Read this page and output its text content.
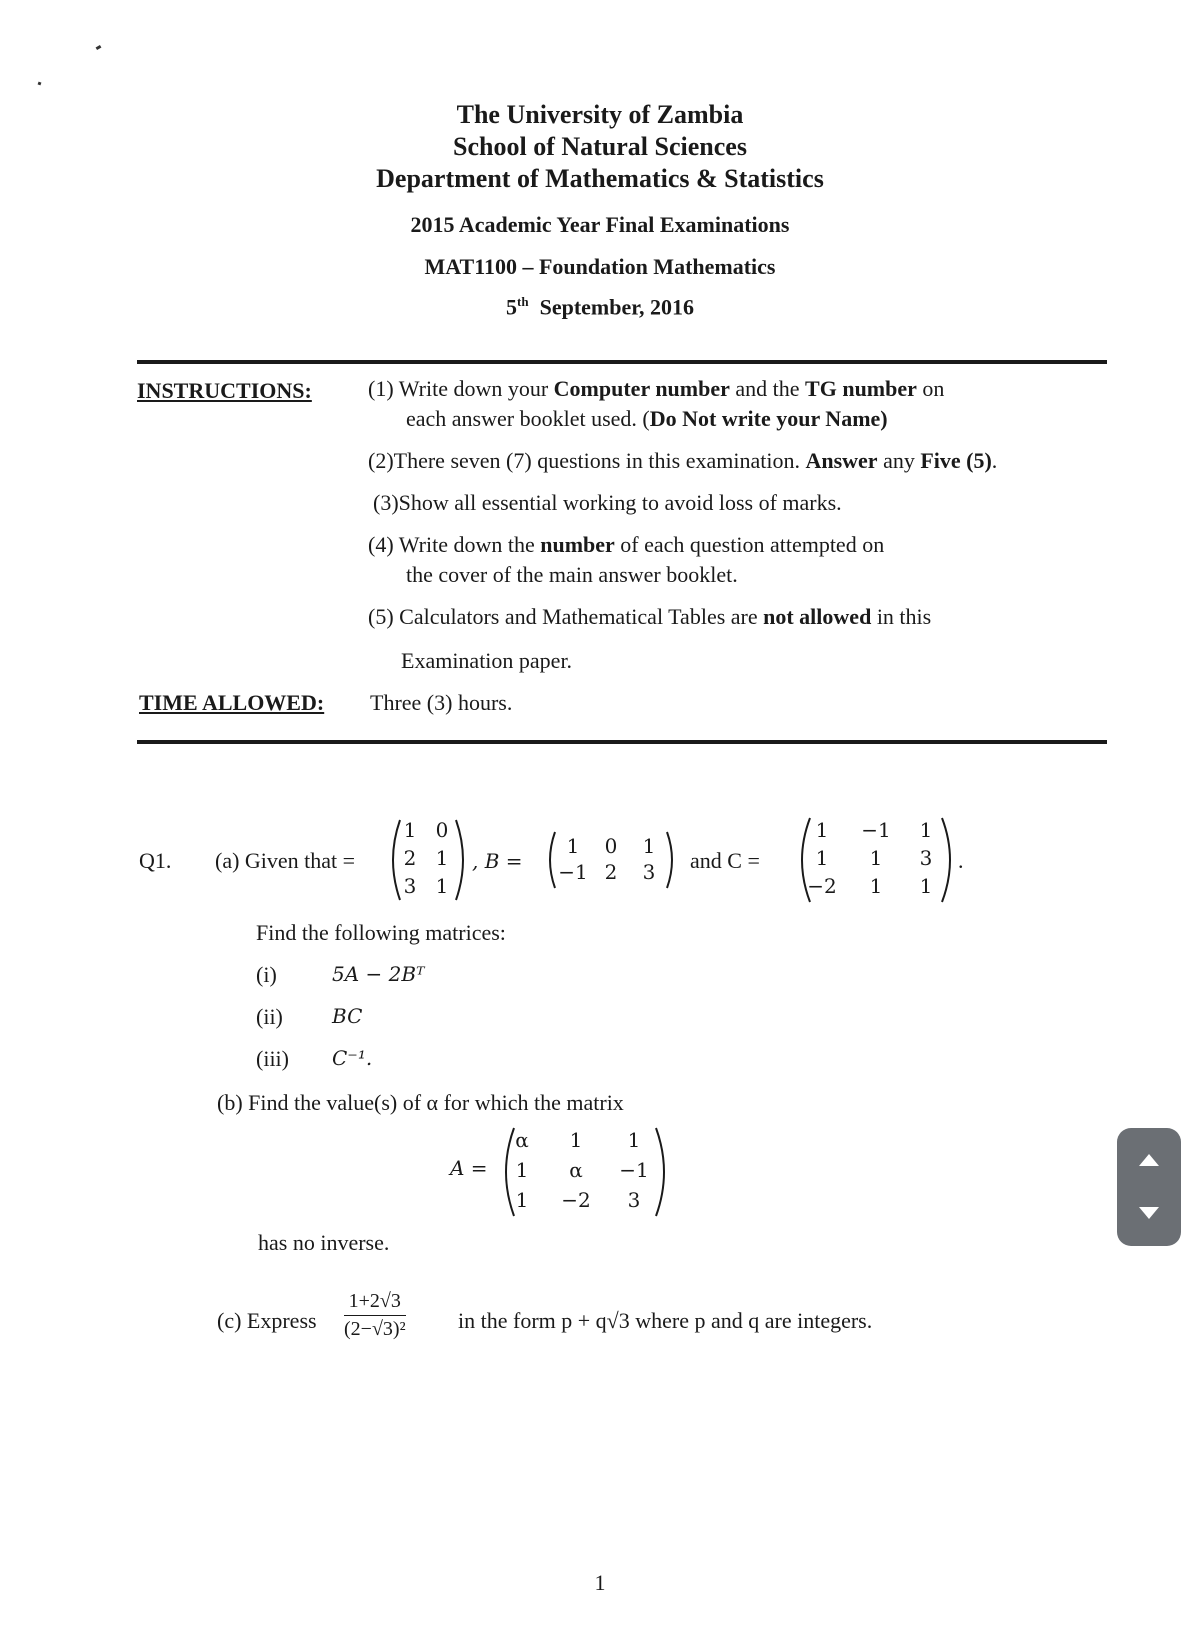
The University of Zambia
School of Natural Sciences
Department of Mathematics & Statistics
2015 Academic Year Final Examinations
MAT1100 – Foundation Mathematics
5th September, 2016
INSTRUCTIONS:	(1) Write down your Computer number and the TG number on
each answer booklet used. (Do Not write your Name)
(2)There seven (7) questions in this examination. Answer any Five (5).
(3)Show all essential working to avoid loss of marks.
(4) Write down the number of each question attempted on
the cover of the main answer booklet.
(5) Calculators and Mathematical Tables are not allowed in this
Examination paper.
TIME ALLOWED: Three (3) hours.
Q1. (a) Given that =
1 0
2 1
3 1
, B =
1	0	1
−1 2	3	and C =
1	−1	1
1	1	3
−2	1	1
.
Find the following matrices:
(i)	5A − 2Bᵀ
(ii) BC
(iii) C⁻¹.
(b) Find the value(s) of α for which the matrix
A =
α	1	1
1	α	−1
1	−2	3
has no inverse.
(c) Express $\frac{1+2√3}{\text{(2−√3)²}}$ in the form p + q√3 where p and q are integers.
1
